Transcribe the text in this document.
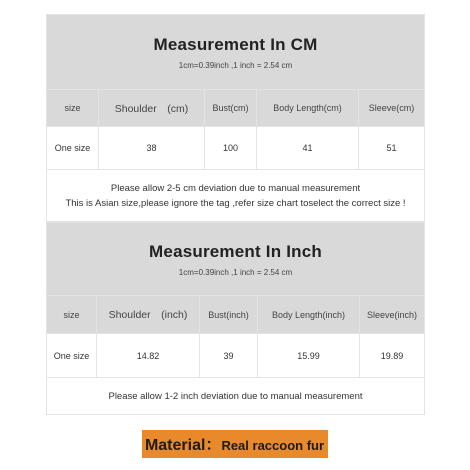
Measurement In CM
1cm=0.39inch ,1 inch = 2.54 cm				

size	Shoulder　(cm)	Bust(cm)	Body Length(cm)	Sleeve(cm)
One size	38	100	41	51

Please allow 2-5 cm deviation due to manual measurement
This is Asian size,please ignore the tag ,refer size chart toselect the correct size !				
Measurement In Inch
1cm=0.39inch ,1 inch = 2.54 cm				

size	Shoulder　(inch)	Bust(inch)	Body Length(inch)	Sleeve(inch)
One size	14.82	39	15.99	19.89
Please allow 1-2 inch deviation due to manual measurement				
Material：Real raccoon fur
